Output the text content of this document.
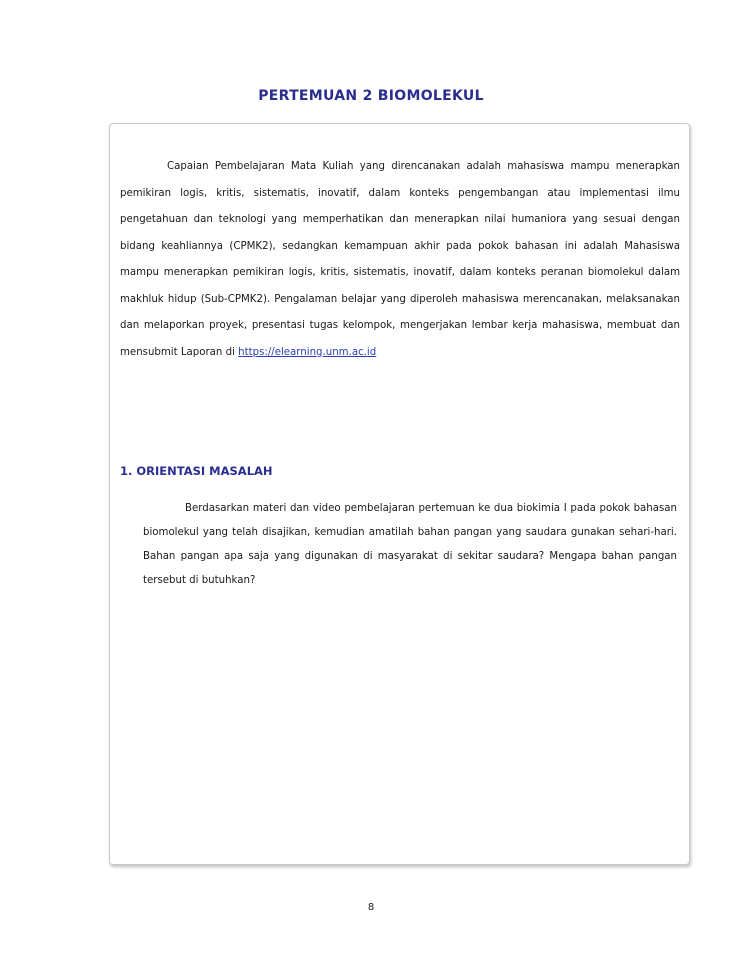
PERTEMUAN 2 BIOMOLEKUL

Capaian Pembelajaran Mata Kuliah yang direncanakan adalah mahasiswa mampu menerapkan pemikiran logis, kritis, sistematis, inovatif, dalam konteks pengembangan atau implementasi ilmu pengetahuan dan teknologi yang memperhatikan dan menerapkan nilai humaniora yang sesuai dengan bidang keahliannya (CPMK2), sedangkan kemampuan akhir pada pokok bahasan ini adalah Mahasiswa mampu menerapkan pemikiran logis, kritis, sistematis, inovatif, dalam konteks peranan biomolekul dalam makhluk hidup (Sub-CPMK2). Pengalaman belajar yang diperoleh mahasiswa merencanakan, melaksanakan dan melaporkan proyek, presentasi tugas kelompok, mengerjakan lembar kerja mahasiswa, membuat dan mensubmit Laporan di https://elearning.unm.ac.id

1. ORIENTASI MASALAH

Berdasarkan materi dan video pembelajaran pertemuan ke dua biokimia I pada pokok bahasan biomolekul yang telah disajikan, kemudian amatilah bahan pangan yang saudara gunakan sehari-hari. Bahan pangan apa saja yang digunakan di masyarakat di sekitar saudara? Mengapa bahan pangan tersebut di butuhkan?

8
